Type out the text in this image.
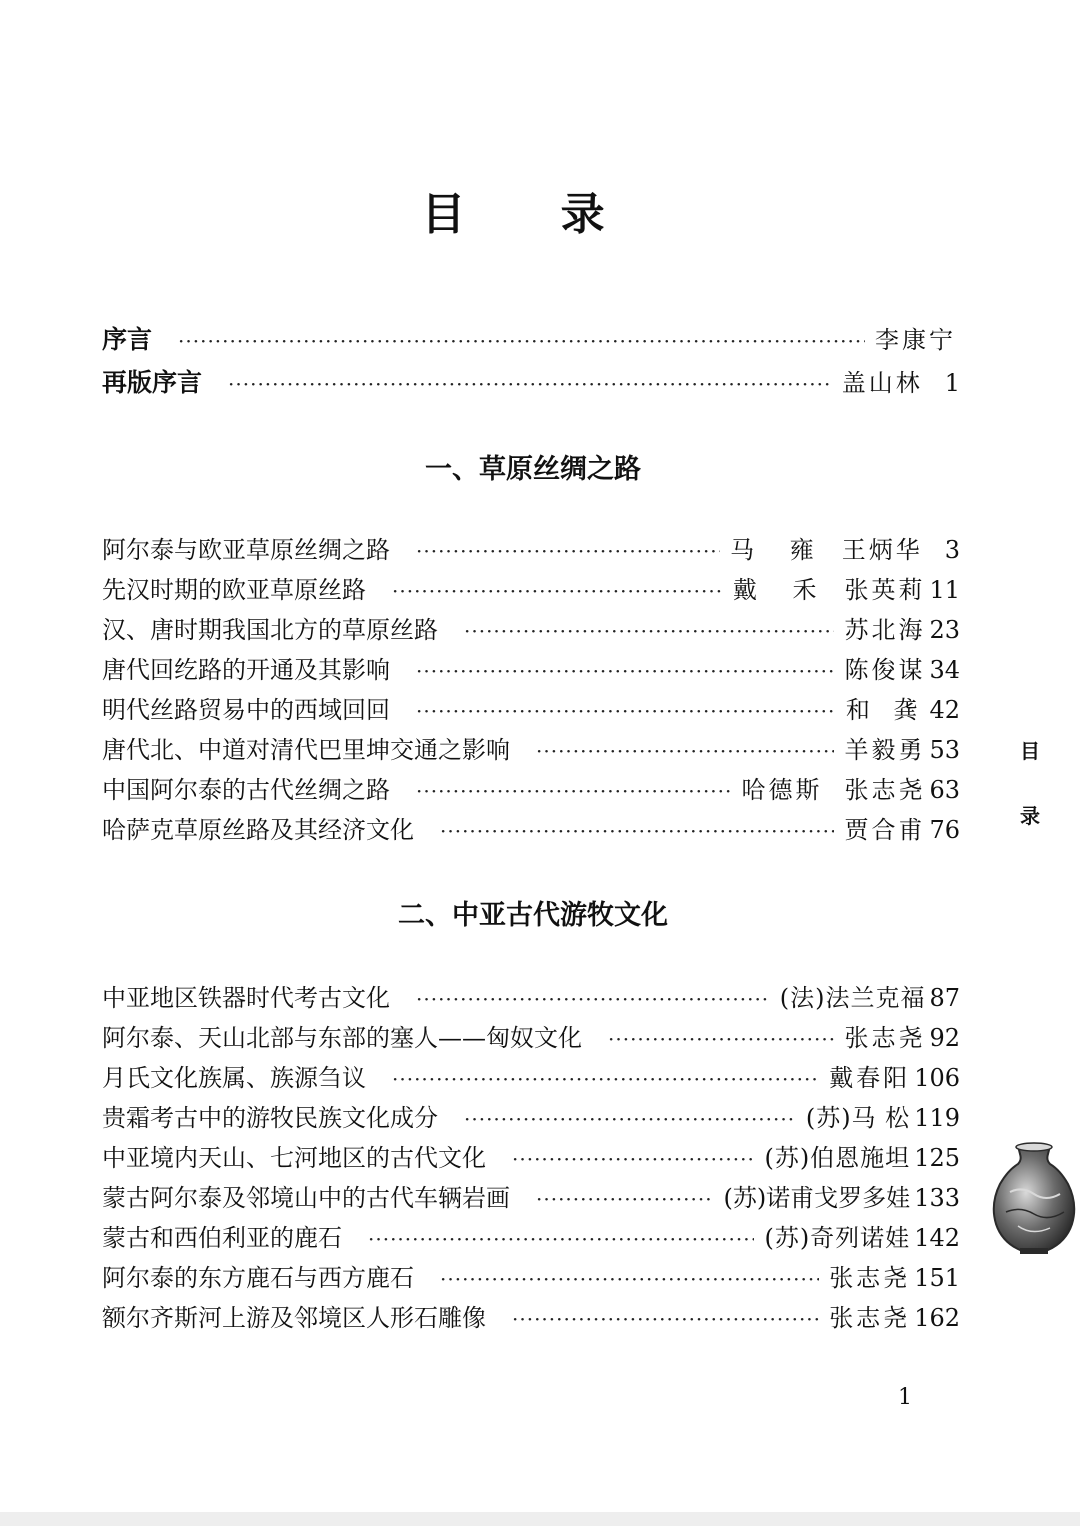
目 录
序言 ·····	李康宁
再版序言 ·····	盖山林 1
一、草原丝绸之路
阿尔泰与欧亚草原丝绸之路 ·····	马 雍 王炳华 3
先汉时期的欧亚草原丝路 ·····	戴 禾 张英莉 11
汉、唐时期我国北方的草原丝路 ·····	苏北海 23
唐代回纥路的开通及其影响 ·····	陈俊谋 34
明代丝路贸易中的西域回回 ·····	和 龚 42
唐代北、中道对清代巴里坤交通之影响 ·····	羊毅勇 53
中国阿尔泰的古代丝绸之路 ·····	哈德斯 张志尧 63
哈萨克草原丝路及其经济文化 ·····	贾合甫 76
二、中亚古代游牧文化
中亚地区铁器时代考古文化 ·····	(法)法兰克福 87
阿尔泰、天山北部与东部的塞人——匈奴文化 ·····	张志尧 92
月氏文化族属、族源刍议 ·····	戴春阳 106
贵霜考古中的游牧民族文化成分 ·····	(苏)马 松 119
中亚境内天山、七河地区的古代文化 ·····	(苏)伯恩施坦 125
蒙古阿尔泰及邻境山中的古代车辆岩画 ·····	(苏)诺甫戈罗多娃 133
蒙古和西伯利亚的鹿石 ·····	(苏)奇列诺娃 142
阿尔泰的东方鹿石与西方鹿石 ·····	张志尧 151
额尔齐斯河上游及邻境区人形石雕像 ·····	张志尧 162
目
录
1
